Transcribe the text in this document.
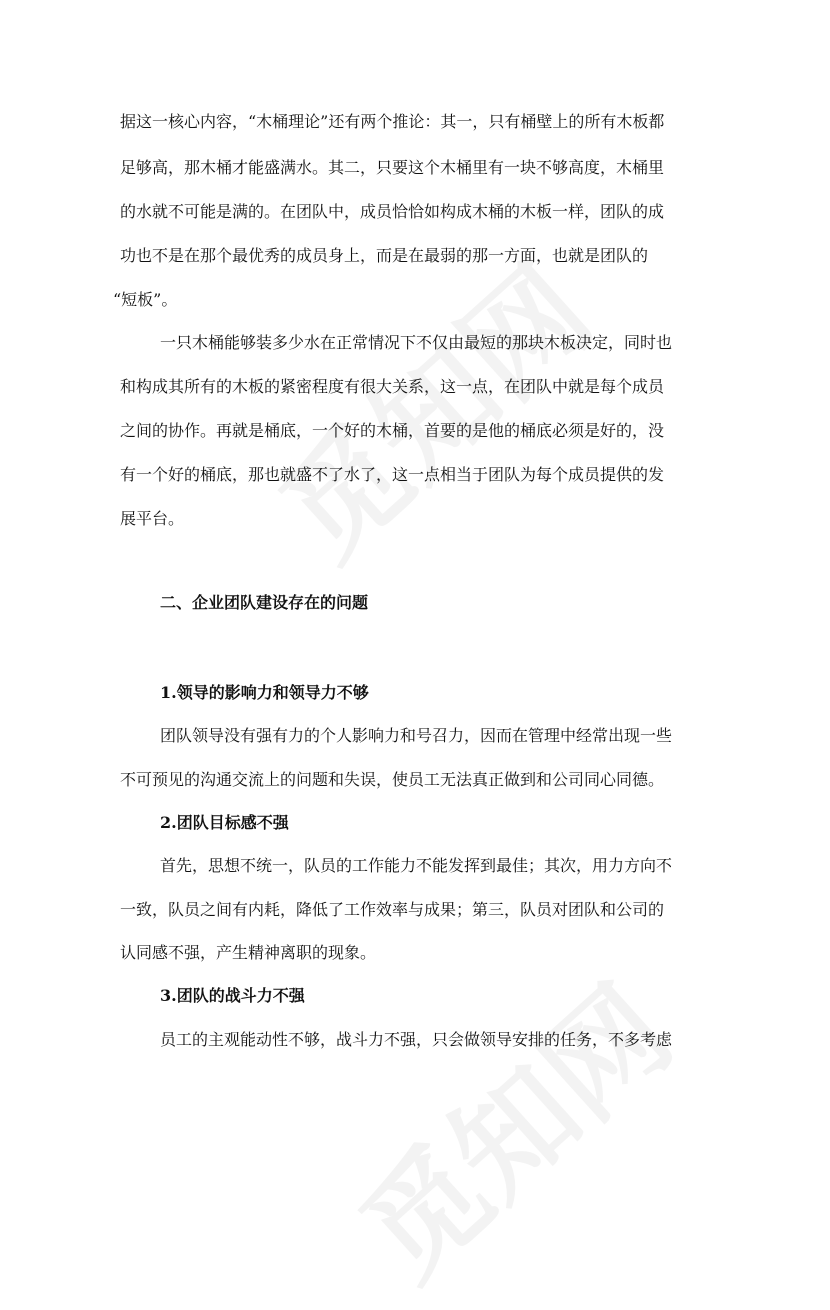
据这一核心内容，“木桶理论”还有两个推论：其一，只有桶壁上的所有木板都
足够高，那木桶才能盛满水。其二，只要这个木桶里有一块不够高度，木桶里
的水就不可能是满的。在团队中，成员恰恰如构成木桶的木板一样，团队的成
功也不是在那个最优秀的成员身上，而是在最弱的那一方面，也就是团队的
“短板”。
一只木桶能够装多少水在正常情况下不仅由最短的那块木板决定，同时也
和构成其所有的木板的紧密程度有很大关系，这一点，在团队中就是每个成员
之间的协作。再就是桶底，一个好的木桶，首要的是他的桶底必须是好的，没
有一个好的桶底，那也就盛不了水了，这一点相当于团队为每个成员提供的发
展平台。
二、企业团队建设存在的问题
1.领导的影响力和领导力不够
团队领导没有强有力的个人影响力和号召力，因而在管理中经常出现一些
不可预见的沟通交流上的问题和失误，使员工无法真正做到和公司同心同德。
2.团队目标感不强
首先，思想不统一，队员的工作能力不能发挥到最佳；其次，用力方向不
一致，队员之间有内耗，降低了工作效率与成果；第三，队员对团队和公司的
认同感不强，产生精神离职的现象。
3.团队的战斗力不强
员工的主观能动性不够，战斗力不强，只会做领导安排的任务，不多考虑
